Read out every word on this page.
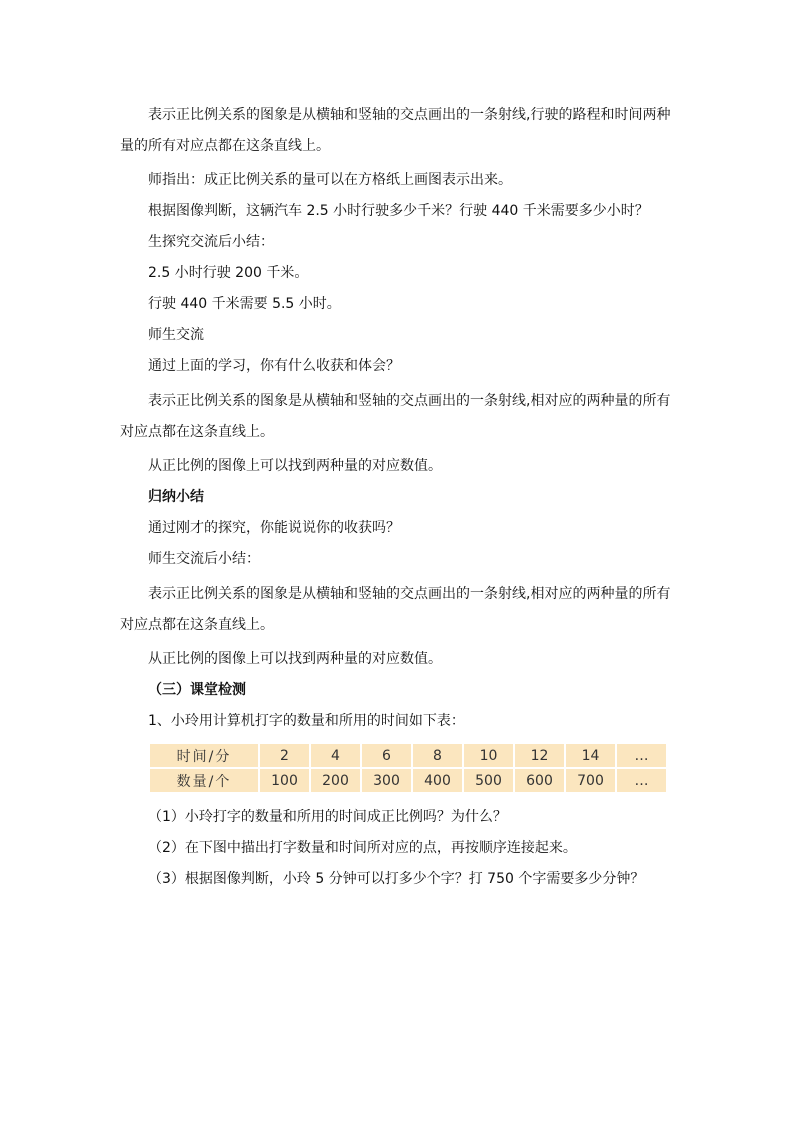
表示正比例关系的图象是从横轴和竖轴的交点画出的一条射线,行驶的路程和时间两种量的所有对应点都在这条直线上。

师指出：成正比例关系的量可以在方格纸上画图表示出来。

根据图像判断，这辆汽车 2.5 小时行驶多少千米？行驶 440 千米需要多少小时？

生探究交流后小结：

2.5 小时行驶 200 千米。

行驶 440 千米需要 5.5 小时。

师生交流

通过上面的学习，你有什么收获和体会？

表示正比例关系的图象是从横轴和竖轴的交点画出的一条射线,相对应的两种量的所有对应点都在这条直线上。

从正比例的图像上可以找到两种量的对应数值。

归纳小结

通过刚才的探究，你能说说你的收获吗？

师生交流后小结：

表示正比例关系的图象是从横轴和竖轴的交点画出的一条射线,相对应的两种量的所有对应点都在这条直线上。

从正比例的图像上可以找到两种量的对应数值。

（三）课堂检测

1、小玲用计算机打字的数量和所用的时间如下表：

时间/分	2	4	6	8	10	12	14	…
数量/个	100	200	300	400	500	600	700	…

（1）小玲打字的数量和所用的时间成正比例吗？为什么？

（2）在下图中描出打字数量和时间所对应的点，再按顺序连接起来。

（3）根据图像判断，小玲 5 分钟可以打多少个字？打 750 个字需要多少分钟？
